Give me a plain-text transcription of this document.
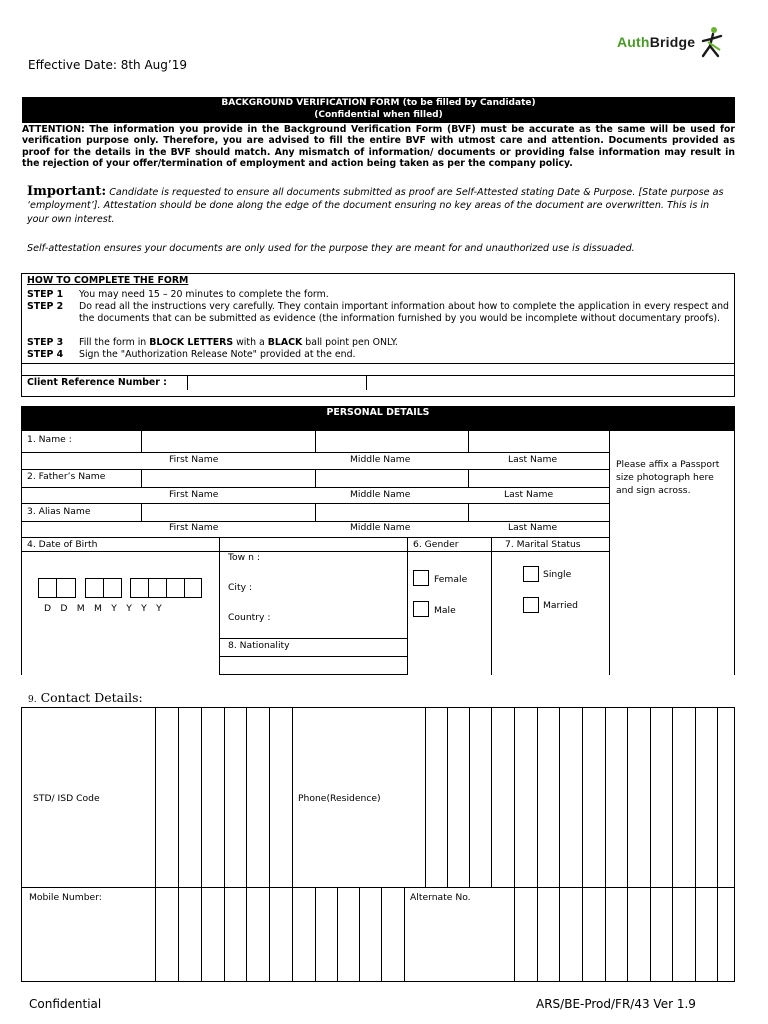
AuthBridge
Effective Date: 8th Aug’19
BACKGROUND VERIFICATION FORM (to be filled by Candidate)
(Confidential when filled)
ATTENTION: The information you provide in the Background Verification Form (BVF) must be accurate as the same will be used for verification purpose only. Therefore, you are advised to fill the entire BVF with utmost care and attention. Documents provided as proof for the details in the BVF should match. Any mismatch of information/ documents or providing false information may result in the rejection of your offer/termination of employment and action being taken as per the company policy.
Important: Candidate is requested to ensure all documents submitted as proof are Self-Attested stating Date & Purpose. [State purpose as ‘employment’]. Attestation should be done along the edge of the document ensuring no key areas of the document are overwritten. This is in your own interest.
Self-attestation ensures your documents are only used for the purpose they are meant for and unauthorized use is dissuaded.
HOW TO COMPLETE THE FORM
STEP 1 You may need 15 – 20 minutes to complete the form.
STEP 2 Do read all the instructions very carefully. They contain important information about how to complete the application in every respect and the documents that can be submitted as evidence (the information furnished by you would be incomplete without documentary proofs).
STEP 3 Fill the form in BLOCK LETTERS with a BLACK ball point pen ONLY.
STEP 4 Sign the "Authorization Release Note" provided at the end.
Client Reference Number :
PERSONAL DETAILS
1. Name :
First Name	Middle Name	Last Name
2. Father’s Name
First Name	Middle Name	Last Name
3. Alias Name
First Name	Middle Name	Last Name
Please affix a Passport size photograph here and sign across.
4. Date of Birth
D D M M Y Y Y Y
Tow n :
City :
Country :
8. Nationality
6. Gender
Female
Male
7. Marital Status
Single
Married
9. Contact Details:
STD/ ISD Code	Phone(Residence)
Mobile Number:	Alternate No.
Confidential	ARS/BE-Prod/FR/43 Ver 1.9
